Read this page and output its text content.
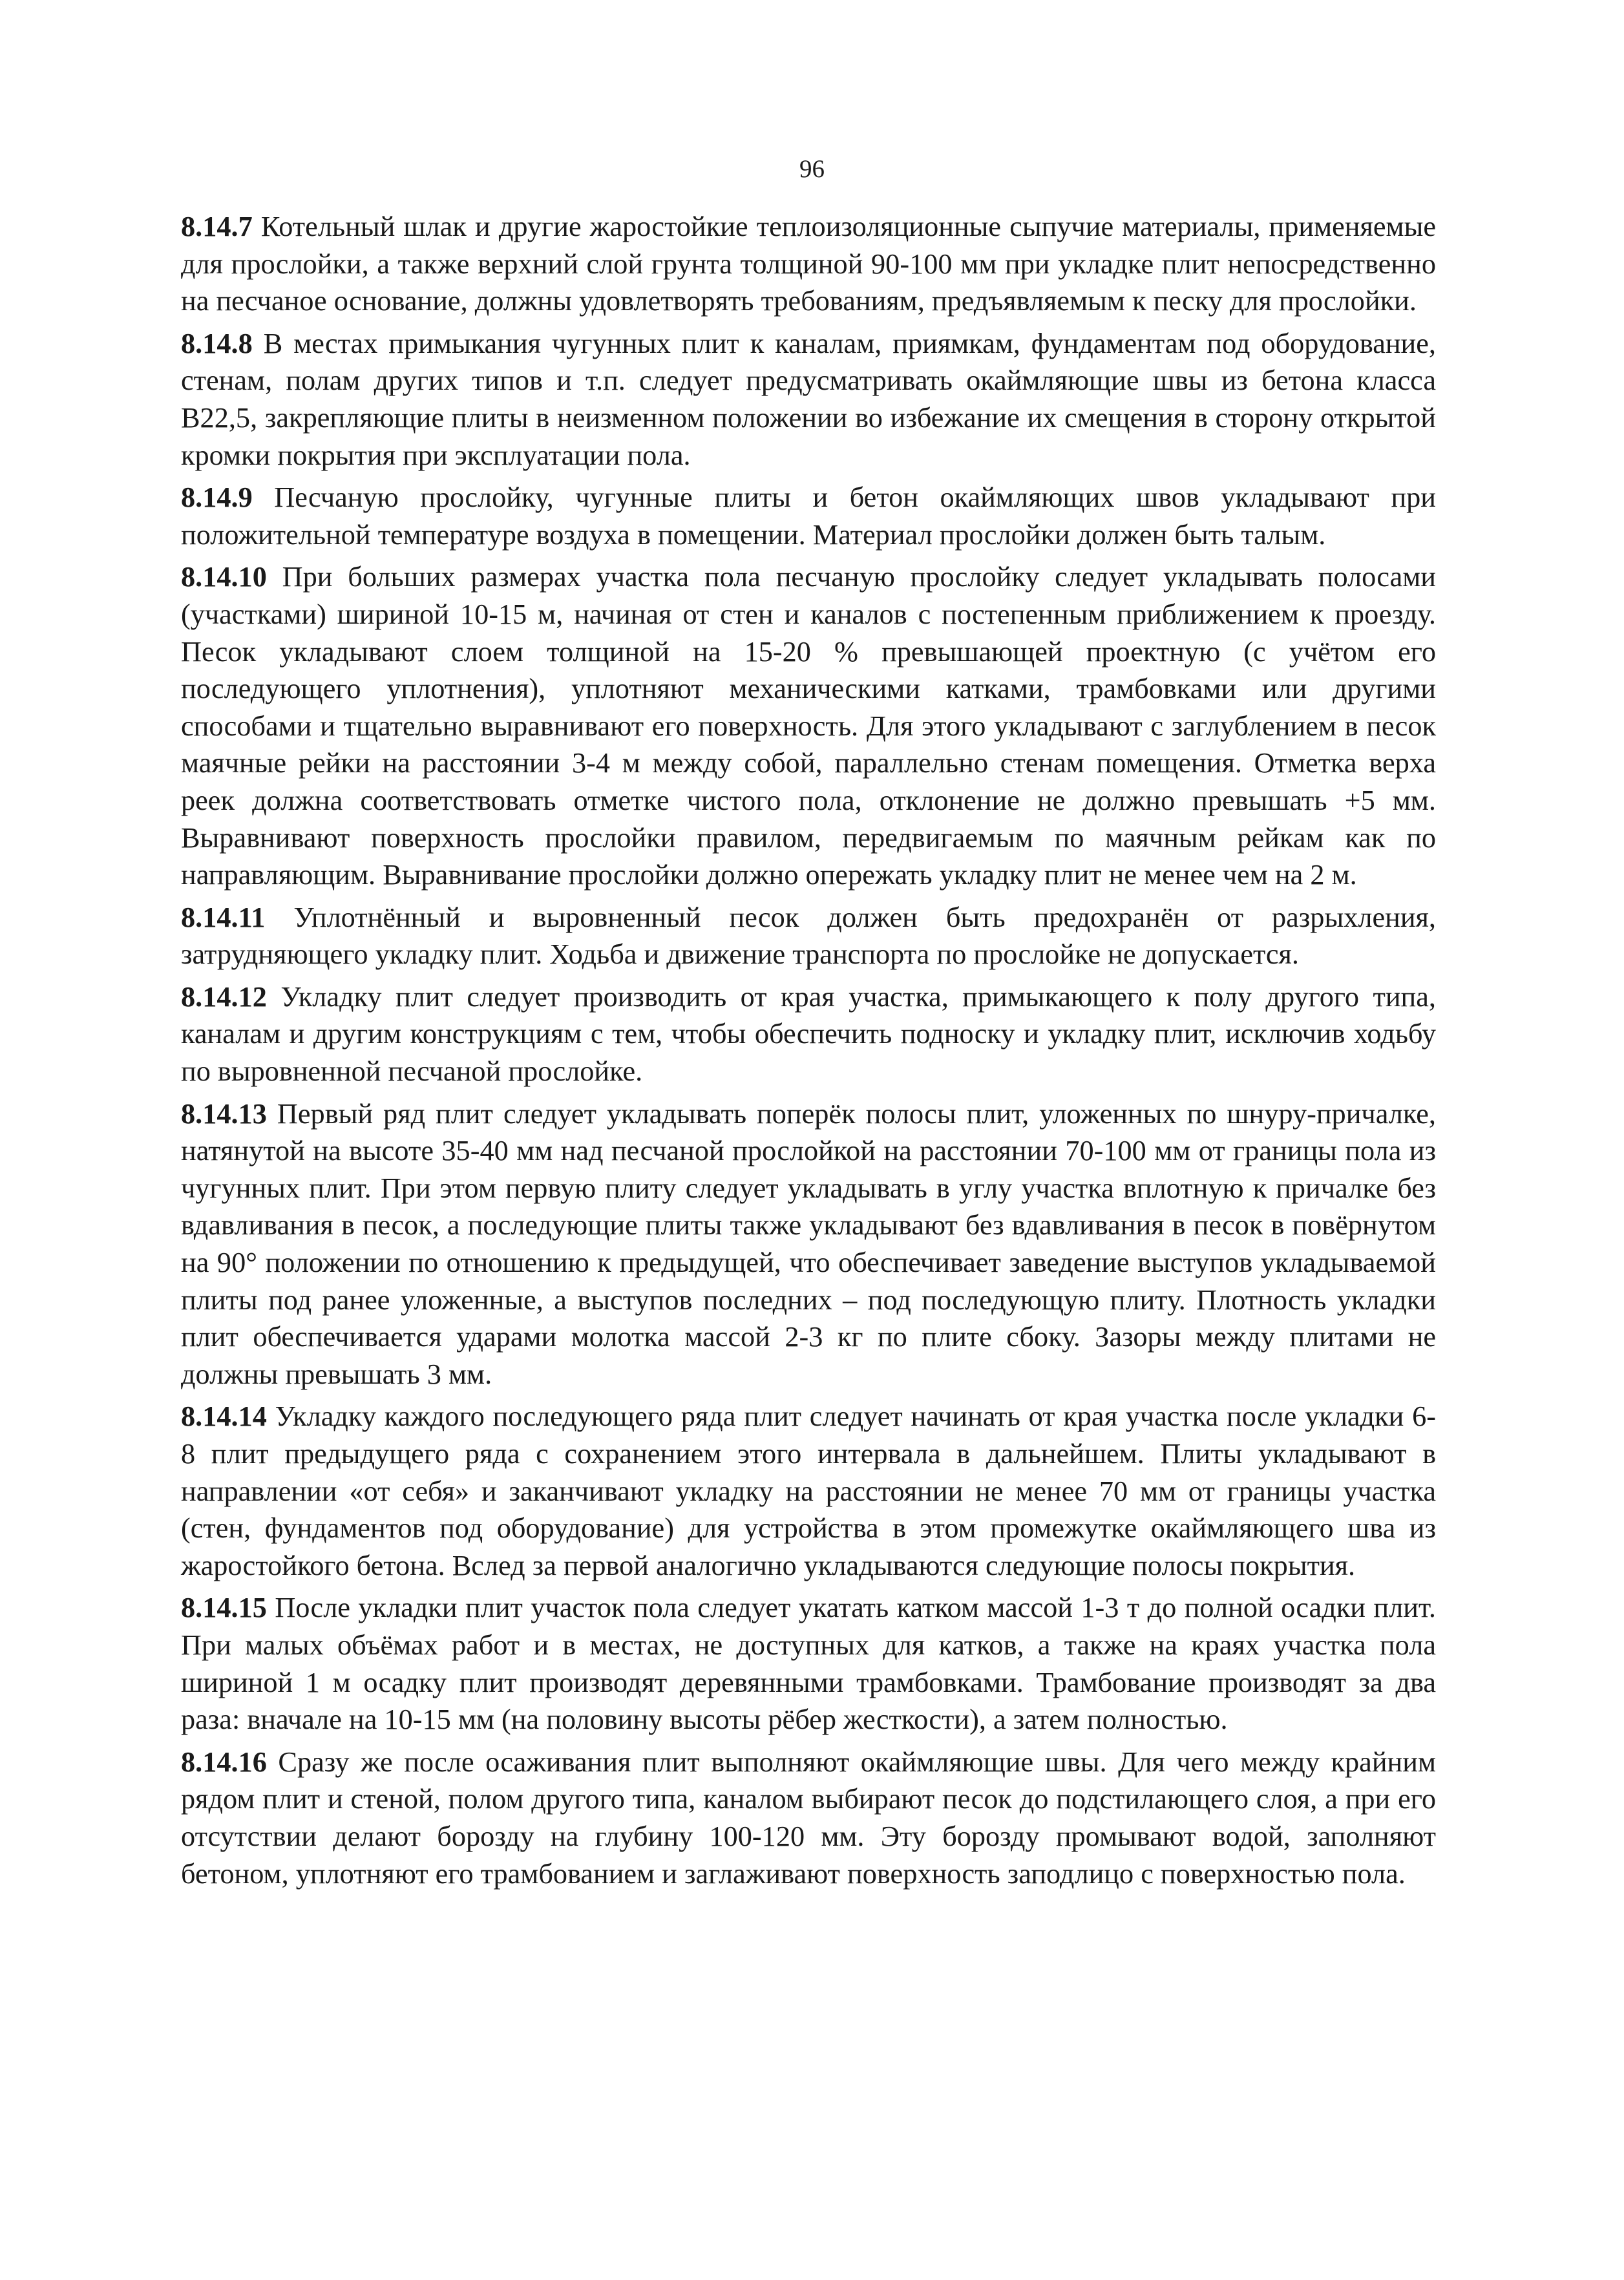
96

8.14.7 Котельный шлак и другие жаростойкие теплоизоляционные сыпучие материалы, применяемые для прослойки, а также верхний слой грунта толщиной 90-100 мм при укладке плит непосредственно на песчаное основание, должны удовлетворять требованиям, предъявляемым к песку для прослойки.

8.14.8 В местах примыкания чугунных плит к каналам, приямкам, фундаментам под оборудование, стенам, полам других типов и т.п. следует предусматривать окаймляющие швы из бетона класса В22,5, закрепляющие плиты в неизменном положении во избежание их смещения в сторону открытой кромки покрытия при эксплуатации пола.

8.14.9 Песчаную прослойку, чугунные плиты и бетон окаймляющих швов укладывают при положительной температуре воздуха в помещении. Материал прослойки должен быть талым.

8.14.10 При больших размерах участка пола песчаную прослойку следует укладывать полосами (участками) шириной 10-15 м, начиная от стен и каналов с постепенным приближением к проезду. Песок укладывают слоем толщиной на 15-20 % превышающей проектную (с учётом его последующего уплотнения), уплотняют механическими катками, трамбовками или другими способами и тщательно выравнивают его поверхность. Для этого укладывают с заглублением в песок маячные рейки на расстоянии 3-4 м между собой, параллельно стенам помещения. Отметка верха реек должна соответствовать отметке чистого пола, отклонение не должно превышать +5 мм. Выравнивают поверхность прослойки правилом, передвигаемым по маячным рейкам как по направляющим. Выравнивание прослойки должно опережать укладку плит не менее чем на 2 м.

8.14.11 Уплотнённый и выровненный песок должен быть предохранён от разрыхления, затрудняющего укладку плит. Ходьба и движение транспорта по прослойке не допускается.

8.14.12 Укладку плит следует производить от края участка, примыкающего к полу другого типа, каналам и другим конструкциям с тем, чтобы обеспечить подноску и укладку плит, исключив ходьбу по выровненной песчаной прослойке.

8.14.13 Первый ряд плит следует укладывать поперёк полосы плит, уложенных по шнуру-причалке, натянутой на высоте 35-40 мм над песчаной прослойкой на расстоянии 70-100 мм от границы пола из чугунных плит. При этом первую плиту следует укладывать в углу участка вплотную к причалке без вдавливания в песок, а последующие плиты также укладывают без вдавливания в песок в повёрнутом на 90° положении по отношению к предыдущей, что обеспечивает заведение выступов укладываемой плиты под ранее уложенные, а выступов последних – под последующую плиту. Плотность укладки плит обеспечивается ударами молотка массой 2-3 кг по плите сбоку. Зазоры между плитами не должны превышать 3 мм.

8.14.14 Укладку каждого последующего ряда плит следует начинать от края участка после укладки 6-8 плит предыдущего ряда с сохранением этого интервала в дальнейшем. Плиты укладывают в направлении «от себя» и заканчивают укладку на расстоянии не менее 70 мм от границы участка (стен, фундаментов под оборудование) для устройства в этом промежутке окаймляющего шва из жаростойкого бетона. Вслед за первой аналогично укладываются следующие полосы покрытия.

8.14.15 После укладки плит участок пола следует укатать катком массой 1-3 т до полной осадки плит. При малых объёмах работ и в местах, не доступных для катков, а также на краях участка пола шириной 1 м осадку плит производят деревянными трамбовками. Трамбование производят за два раза: вначале на 10-15 мм (на половину высоты рёбер жесткости), а затем полностью.

8.14.16 Сразу же после осаживания плит выполняют окаймляющие швы. Для чего между крайним рядом плит и стеной, полом другого типа, каналом выбирают песок до подстилающего слоя, а при его отсутствии делают борозду на глубину 100-120 мм. Эту борозду промывают водой, заполняют бетоном, уплотняют его трамбованием и заглаживают поверхность заподлицо с поверхностью пола.
